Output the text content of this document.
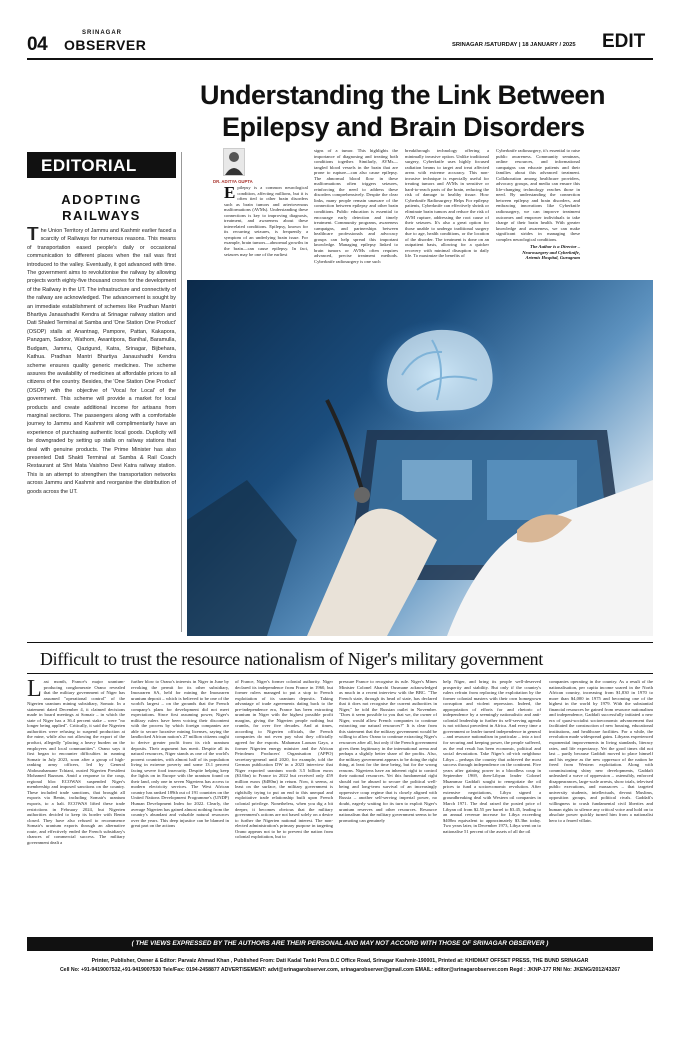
04
SRINAGAR
OBSERVER	SRINAGAR /SATURDAY | 18 JANUARY / 2025 EDIT
Understanding the Link Between
Epilepsy and Brain Disorders
EDITORIAL
ADOPTING RAILWAYS
The Union Territory of Jammu and Kashmir earlier faced a scarcity of Railways for numerous reasons. This means of transportation eased people's daily or occasional communication to different places when the rail was first introduced to the valley. Eventually, it got advanced with time. The government aims to revolutionise the railway by allowing projects worth eighty-five thousand crores for the development of the Railway in the UT. The infrastructure and connectivity of the railway are acknowledged. The advancement is sought by an immediate establishment of schemes like Pradhan Mantri Bhartiya Janaushadhi Kendra at Srinagar railway station and Dati Shaled Terminal at Samba and 'One Station One Product' (OSOP) stalls at Anantnag, Pampore, Pattan, Kakapora, Panzgam, Sadoor, Wathom, Awantipora, Banihal, Baramulla, Budgam, Jammu, Qazigund, Katra, Srinagar, Bijbehara, Kathua. Pradhan Mantri Bhartiya Janaushadhi Kendra scheme ensures quality generic medicines. The scheme assures the availability of medicines at affordable prices to all citizens of the country. Besides, the 'One Station One Product' (OSOP) with the objective of 'Vocal for Local' of the government. This scheme will provide a market for local products and create additional income for artisans from marginal sections. The passengers along with a comfortable journey to Jammu and Kashmir will complimentarily have an experience of purchasing authentic local goods. Duplicity will be downgraded by setting up stalls on railway stations that deal with genuine products. The Prime Minister has also presented Dati Shakti Terminal at Samba & Rail Coach Restaurant at Shri Mata Vaishno Devi Katra railway station. This is an attempt to strengthen the transportation networks across Jammu and Kashmir and reorganise the distribution of goods across the UT.
DR. ADITYA GUPTA
Epilepsy is a common neurological condition, affecting millions, but it is often tied to other brain disorders such as brain tumors and arteriovenous malformations (AVMs). Understanding these connections is key to improving diagnosis, treatment, and awareness about these interrelated conditions. Epilepsy, known for its recurring seizures, is frequently a symptom of an underlying brain issue. For example, brain tumors—abnormal growths in the brain—can cause epilepsy. In fact, seizures may be one of the earliest
signs of a tumor. This highlights the importance of diagnosing and treating both conditions together. Similarly, AVMs—tangled blood vessels in the brain that are prone to rupture—can also cause epilepsy. The abnormal blood flow in these malformations often triggers seizures, reinforcing the need to address these disorders comprehensively. Despite the clear links, many people remain unaware of the connection between epilepsy and other brain conditions. Public education is essential to encourage early detection and timely treatment. Community programs, awareness campaigns, and partnerships between healthcare professionals and advocacy groups can help spread this important knowledge. Managing epilepsy linked to brain tumors or AVMs often requires advanced, precise treatment methods. Cyberknife radiosurgery is one such
breakthrough technology offering a minimally invasive option. Unlike traditional surgery, Cyberknife uses highly focused radiation beams to target and treat affected areas with extreme accuracy. This non-invasive technique is especially useful for treating tumors and AVMs in sensitive or hard-to-reach parts of the brain, reducing the risk of damage to healthy tissue. How Cyberknife Radiosurgery Helps For epilepsy patients, Cyberknife can effectively shrink or eliminate brain tumors and reduce the risk of AVM rupture, addressing the root cause of their seizures. It's also a great option for those unable to undergo traditional surgery due to age, health conditions, or the location of the disorder. The treatment is done on an outpatient basis, allowing for a quicker recovery with minimal disruption to daily life. To maximize the benefits of
Cyberknife radiosurgery, it's essential to raise public awareness. Community seminars, online resources, and informational campaigns can educate patients and their families about this advanced treatment. Collaboration among healthcare providers, advocacy groups, and media can ensure this life-changing technology reaches those in need. By understanding the connection between epilepsy and brain disorders, and embracing innovations like Cyberknife radiosurgery, we can improve treatment outcomes and empower individuals to take charge of their brain health. With greater knowledge and awareness, we can make significant strides in managing these complex neurological conditions.
The Author is a Director –
Neurosurgery and Cyberknife,
Artemis Hospital, Gurugram
Difficult to trust the resource nationalism of Niger's military government
Last month, France's major uranium-producing conglomerate Orano revealed that the military government of Niger has assumed "operational control" of the Nigerien uranium mining subsidiary, Somair. In a statement dated December 4, it claimed decisions made in board meetings at Somair – in which the state of Niger has a 36.4 percent stake – were "no longer being applied". Critically, it said the Nigerien authorities were refusing to suspend production at the mine, while also not allowing the export of the product, allegedly "placing a heavy burden on the employees and local communities". Orano says it first began to encounter difficulties in running Somair in July 2023, soon after a group of high-ranking army officers, led by General Abdourahamane Tchiani, ousted Nigerien President Mohamed Bazoum. Amid a response to the coup, regional bloc ECOWAS suspended Niger's membership and imposed sanctions on the country. These included trade sanctions, that brought all exports via Benin, including Somair's uranium exports, to a halt. ECOWAS lifted these trade restrictions in February 2024, but Nigerien authorities decided to keep its border with Benin closed. They have also refused to recommence Somair's uranium exports through an alternative route, and effectively ended the French subsidiary's chances of commercial success. The military government dealt a
further blow to Orano's interests in Niger in June by revoking the permit for its other subsidiary, Imouraren SA, held for mining the Imouraren uranium deposit – which is believed to be one of the world's largest – on the grounds that the French company's plans for development did not meet expectations. Since first assuming power, Niger's military rulers have been voicing their discontent with the process by which foreign companies are able to secure lucrative mining licenses, saying the landlocked African nation's 27 million citizens ought to derive greater profit from its rich uranium deposits. Their argument has merit. Despite all its natural resources, Niger stands as one of the world's poorest countries, with almost half of its population living in extreme poverty and some 13.1 percent facing severe food insecurity. Despite helping keep the lights on in Europe with the uranium found on their land, only one in seven Nigeriens has access to modern electricity services. The West African country has ranked 189th out of 191 countries on the United Nations Development Programme's (UNDP) Human Development Index for 2022. Clearly, the average Nigerien has gained almost nothing from the country's abundant and valuable natural resources over the years. This deep injustice can be blamed in great part on the actions
of France, Niger's former colonial authority. Niger declared its independence from France in 1960, but former rulers managed to put a stop to French exploitation of its uranium deposits. Taking advantage of trade agreements dating back to the pre-independence era, France has been extracting uranium in Niger with the highest possible profit margins, giving the Nigerien people nothing but crumbs, for over five decades. And at times, according to Nigerien officials, the French companies do not even pay what they officially agreed for the exports. Mahaman Laouan Gaya, a former Nigerien energy minister and the African Petroleum Producers' Organisation (APPO) secretary-general until 2020, for example, told the German publication DW in a 2023 interview that Niger exported uranium worth 3.5 billion euros ($3.6bn) to France in 2022 but received only 459 million euros ($480m) in return. Now, it seems, at least on the surface, the military government is rightfully trying to put an end to this unequal and exploitative trade relationship built upon French colonial privilege. Nonetheless, when you dig a bit deeper, it becomes obvious that the military government's actions are not based solely on a desire to further the Nigerien national interest. The non-elected administration's primary purpose in targeting Orano appears not to be to prevent the nation from colonial exploitation, but to
pressure France to recognise its rule. Niger's Mines Minister Colonel Abarchi Ousmane acknowledged as much in a recent interview with the BBC. "The French state, through its head of state, has declared that it does not recognise the current authorities in Niger," he told the Russian outlet in November. "Does it seem possible to you that we, the owner of Niger, would allow French companies to continue extracting our natural resources?" It is clear from this statement that the military government would be willing to allow Orano to continue extracting Niger's resources after all, but only if the French government gives them legitimacy in the international arena and perhaps a slightly better share of the profits. Also, the military government appears to be doing the right thing, at least for the time being, but for the wrong reasons. Nigeriens have an inherent right to control their national resources. Yet this fundamental right should not be abused to secure the political well-being and long-term survival of an increasingly oppressive coup regime that is closely aligned with Russia – another self-serving imperial power, no doubt, eagerly waiting for its turn to exploit Niger's uranium reserves and other resources. Resource nationalism that the military government seems to be promoting can genuinely
help Niger, and bring its people well-deserved prosperity and stability. But only if the country's rulers refrain from replacing the exploitation by the former colonial masters with their own homegrown corruption and violent repression. Indeed, the appropriation of efforts for and rhetoric of independence by a seemingly nationalistic and anti-colonial leadership to further its self-serving agenda is not without precedent in Africa. And every time a government or leader turned independence in general – and resource nationalism in particular – into a tool for securing and keeping power, the people suffered, as the end result has been economic, political and social devastation. Take Niger's oil-rich neighbour Libya – perhaps the country that achieved the most success through independence on the continent. Five years after gaining power in a bloodless coup in September 1969, then-Libyan leader Colonel Muammar Gaddafi sought to renegotiate the oil prices to fund a socioeconomic revolution. After extensive negotiations, Libya signed a groundbreaking deal with Western oil companies in March 1971. The deal raised the posted price of Libyan oil from $2.55 per barrel to $3.45, leading to an annual revenue increase for Libya exceeding $400m equivalent to approximately $3.3bn today. Two years later, in December 1973, Libya went on to nationalise 51 percent of the assets of all the oil
companies operating in the country. As a result of the nationalisation, per capita income soared in the North African country, increasing from $1,830 in 1970 to more than $4,000 in 1975 and becoming one of the highest in the world by 1979. With the substantial financial resources he gained from resource nationalism and independence, Gaddafi successfully initiated a new era of quasi-socialist socioeconomic advancement that facilitated the construction of new housing, educational institutions, and healthcare facilities. For a while, the revolution made widespread gains. Libyans experienced exponential improvements in living standards, literacy rates, and life expectancy. Yet the good times did not last – partly because Gaddafi moved to place himself and his regime as the new oppressor of the nation he freed from Western exploitation. Along with commissioning shiny new developments, Gaddafi unleashed a wave of oppression – ostensibly, enforced disappearances, large-scale arrests, show trials, televised public executions, and massacres – that targeted university students, intellectuals, devout Muslims, opposition groups, and political rivals. Gaddafi's willingness to crush fundamental civil liberties and human rights to silence any critical voice and hold on to absolute power quickly turned him from a nationalist hero to a feared villain.
( THE VIEWS EXPRESSED BY THE AUTHORS ARE THEIR PERSONAL AND MAY NOT ACCORD WITH THOSE OF SRINAGAR OBSERVER )
Printer, Publisher, Owner & Editor: Parvaiz Ahmad Khan , Published From: Dati Kadal Tanki Pora D.C Office Road, Srinagar Kashmir-190001, Printed at: KHIDMAT OFFSET PRESS, THE BUND SRINAGAR
Cell No: +91-9419007532,+91-9419007530 Tele/Fax: 0194-2458877 ADVERTISEMENT: advt@srinagarobserver.com, srinagarobserver@gmail.com EMAIL: editor@srinagarobserver.com Regd : JKNP-177 RNI No: JKENG/2012/43267
